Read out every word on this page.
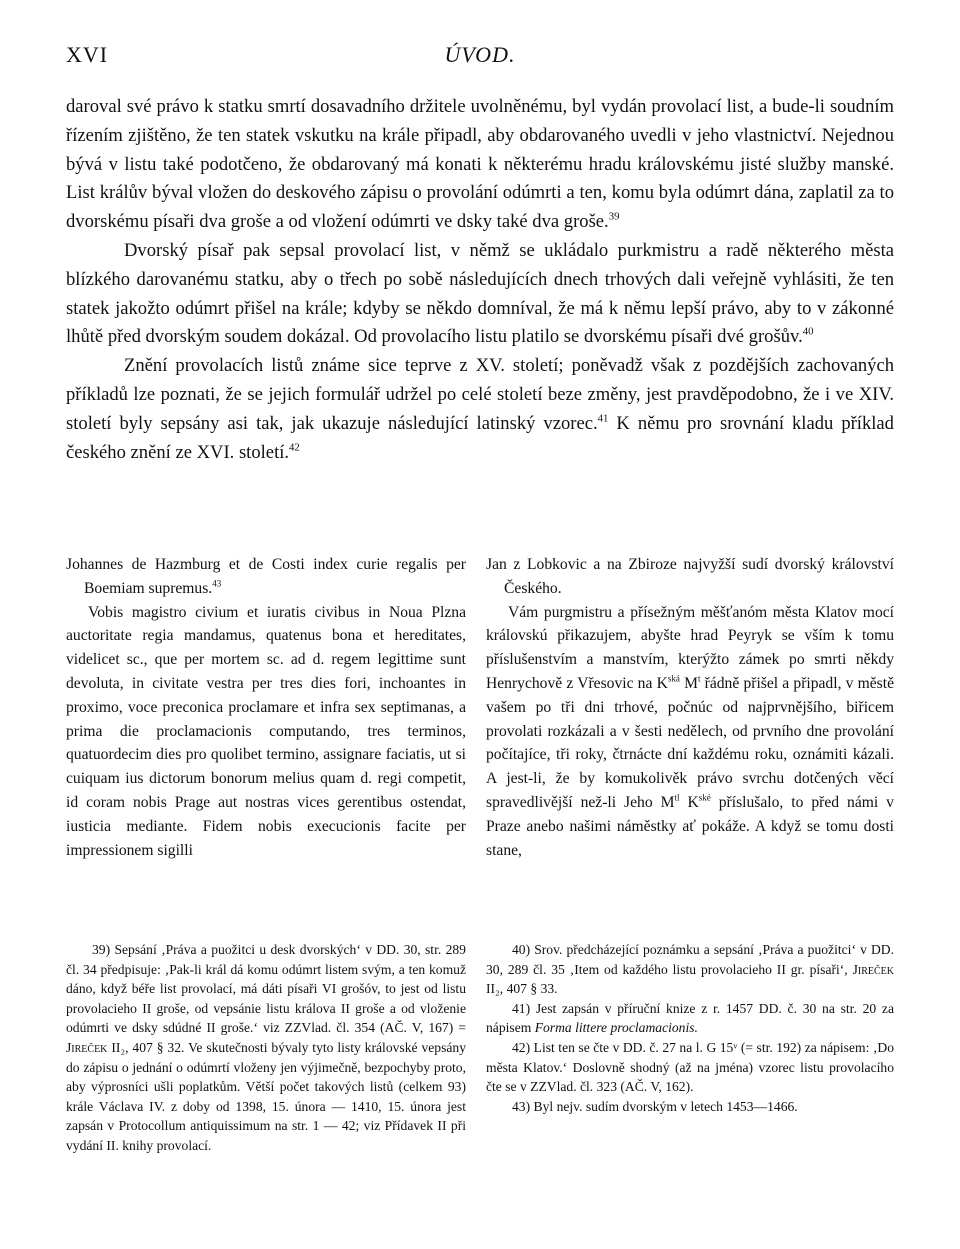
XVI	ÚVOD.

daroval své právo k statku smrtí dosavadního držitele uvolněnému, byl vydán provolací list, a bude-li soudním řízením zjištěno, že ten statek vskutku na krále připadl, aby obdarovaného uvedli v jeho vlastnictví. Nejednou bývá v listu také podotčeno, že obdarovaný má konati k některému hradu královskému jisté služby manské. List králův býval vložen do deskového zápisu o provolání odúmrti a ten, komu byla odúmrt dána, zaplatil za to dvorskému písaři dva groše a od vložení odúmrti ve dsky také dva groše.$^{39}$

Dvorský písař pak sepsal provolací list, v němž se ukládalo purkmistru a radě některého města blízkého darovanému statku, aby o třech po sobě následujících dnech trhových dali veřejně vyhlásiti, že ten statek jakožto odúmrt přišel na krále; kdyby se někdo domníval, že má k němu lepší právo, aby to v zákonné lhůtě před dvorským soudem dokázal. Od provolacího listu platilo se dvorskému písaři dvé grošův.$^{40}$

Znění provolacích listů známe sice teprve z XV. století; poněvadž však z pozdějších zachovaných příkladů lze poznati, že se jejich formulář udržel po celé století beze změny, jest pravděpodobno, že i ve XIV. století byly sepsány asi tak, jak ukazuje následující latinský vzorec.$^{41}$ K němu pro srovnání kladu příklad českého znění ze XVI. století.$^{42}$

Johannes de Hazmburg et de Costi index curie regalis per Boemiam supremus.$^{43}$

Vobis magistro civium et iuratis civibus in Noua Plzna auctoritate regia mandamus, quatenus bona et hereditates, videlicet sc., que per mortem sc. ad d. regem legittime sunt devoluta, in civitate vestra per tres dies fori, inchoantes in proximo, voce preconica proclamare et infra sex septimanas, a prima die proclamacionis computando, tres terminos, quatuordecim dies pro quolibet termino, assignare faciatis, ut si cuiquam ius dictorum bonorum melius quam d. regi competit, id coram nobis Prage aut nostras vices gerentibus ostendat, iusticia mediante. Fidem nobis execucionis facite per impressionem sigilli

Jan z Lobkovic a na Zbiroze najvyžší sudí dvorský království Českého.

Vám purgmistru a přísežným měšťanóm města Klatov mocí královskú přikazujem, abyšte hrad Peyryk se vším k tomu příslušenstvím a manstvím, kterýžto zámek po smrti někdy Henrychově z Vřesovic na $K^{ská}$ $M^t$ řádně přišel a připadl, v městě vašem po tři dni trhové, počnúc od najprvnějšího, biřicem provolati rozkázali a v šesti nedělech, od prvního dne provolání počítajíce, tři roky, čtrnácte dní každému roku, oznámiti kázali. A jest-li, že by komukolivěk právo svrchu dotčených věcí spravedlivější než-li Jeho $M^{tl}$ $K^{ské}$ příslušalo, to před námi v Praze anebo našimi náměstky ať pokáže. A když se tomu dosti stane,

39) Sepsání ‚Práva a puožitci u desk dvorských‘ v DD. 30, str. 289 čl. 34 předpisuje: ‚Pak-li král dá komu odúmrt listem svým, a ten komuž dáno, když béře list provolací, má dáti písaři VI grošóv, to jest od listu provolacieho II groše, od vepsánie listu králova II groše a od vloženie odúmrti ve dsky sdúdné II groše.‘ viz ZZVlad. čl. 354 (AČ. V, 167) = Jireček II₂, 407 § 32. Ve skutečnosti bývaly tyto listy královské vepsány do zápisu o jednání o odúmrtí vloženy jen výjimečně, bezpochyby proto, aby výprosníci ušli poplatkům. Větší počet takových listů (celkem 93) krále Václava IV. z doby od 1398, 15. února — 1410, 15. února jest zapsán v Protocollum antiquissimum na str. 1 — 42; viz Přídavek II při vydání II. knihy provolací.

40) Srov. předcházející poznámku a sepsání ‚Práva a puožitci‘ v DD. 30, 289 čl. 35 ‚Item od každého listu provolacieho II gr. písaři‘, Jireček II₂, 407 § 33.

41) Jest zapsán v příruční knize z r. 1457 DD. č. 30 na str. 20 za nápisem Forma littere proclamacionis.

42) List ten se čte v DD. č. 27 na l. G 15ᵛ (= str. 192) za nápisem: ‚Do města Klatov.‘ Doslovně shodný (až na jména) vzorec listu provolacího čte se v ZZVlad. čl. 323 (AČ. V, 162).

43) Byl nejv. sudím dvorským v letech 1453—1466.
